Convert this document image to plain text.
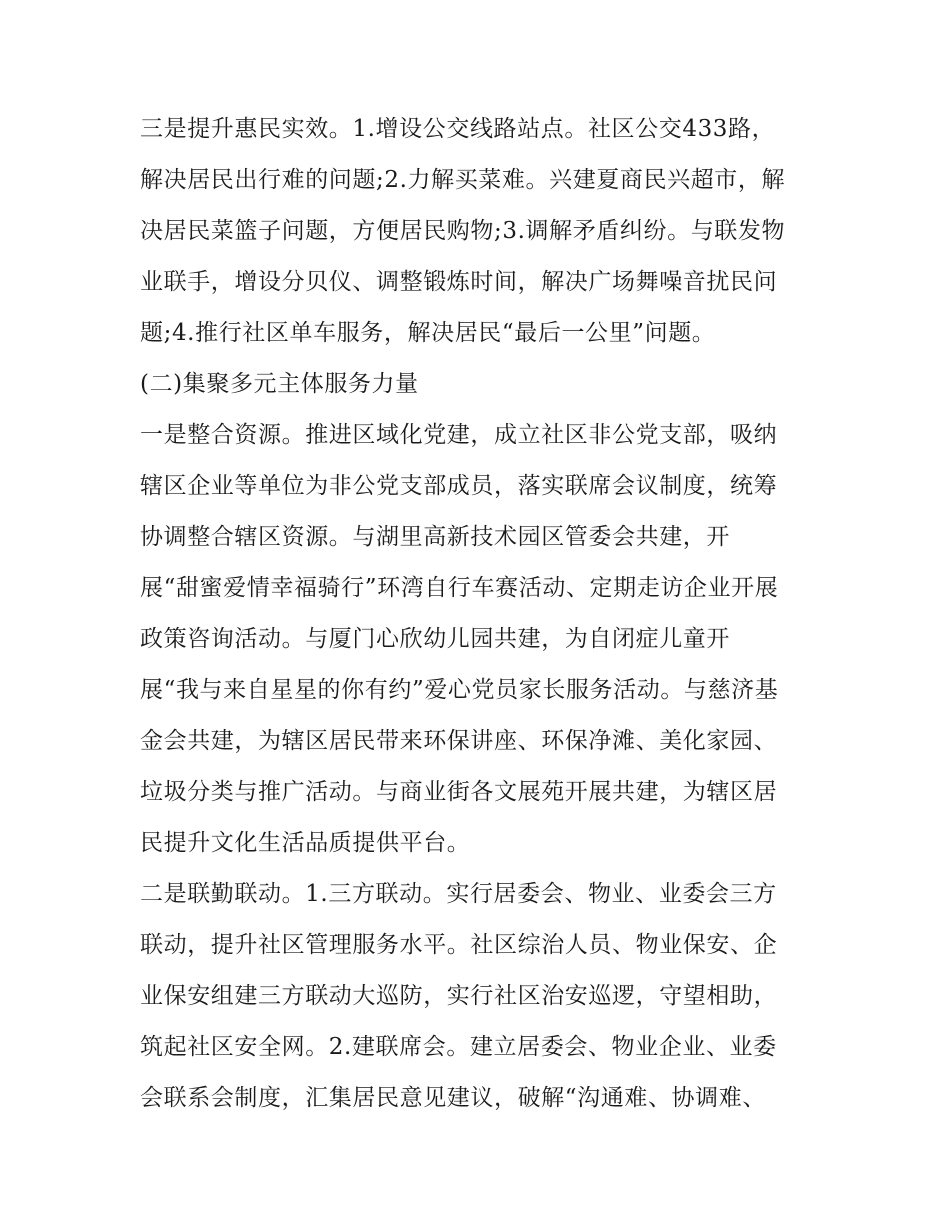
三是提升惠民实效。1.增设公交线路站点。社区公交433路，
解决居民出行难的问题;2.力解买菜难。兴建夏商民兴超市，解
决居民菜篮子问题，方便居民购物;3.调解矛盾纠纷。与联发物
业联手，增设分贝仪、调整锻炼时间，解决广场舞噪音扰民问
题;4.推行社区单车服务，解决居民“最后一公里”问题。
(二)集聚多元主体服务力量
一是整合资源。推进区域化党建，成立社区非公党支部，吸纳
辖区企业等单位为非公党支部成员，落实联席会议制度，统筹
协调整合辖区资源。与湖里高新技术园区管委会共建，开
展“甜蜜爱情幸福骑行”环湾自行车赛活动、定期走访企业开展
政策咨询活动。与厦门心欣幼儿园共建，为自闭症儿童开
展“我与来自星星的你有约”爱心党员家长服务活动。与慈济基
金会共建，为辖区居民带来环保讲座、环保净滩、美化家园、
垃圾分类与推广活动。与商业街各文展苑开展共建，为辖区居
民提升文化生活品质提供平台。
二是联勤联动。1.三方联动。实行居委会、物业、业委会三方
联动，提升社区管理服务水平。社区综治人员、物业保安、企
业保安组建三方联动大巡防，实行社区治安巡逻，守望相助，
筑起社区安全网。2.建联席会。建立居委会、物业企业、业委
会联系会制度，汇集居民意见建议，破解“沟通难、协调难、
